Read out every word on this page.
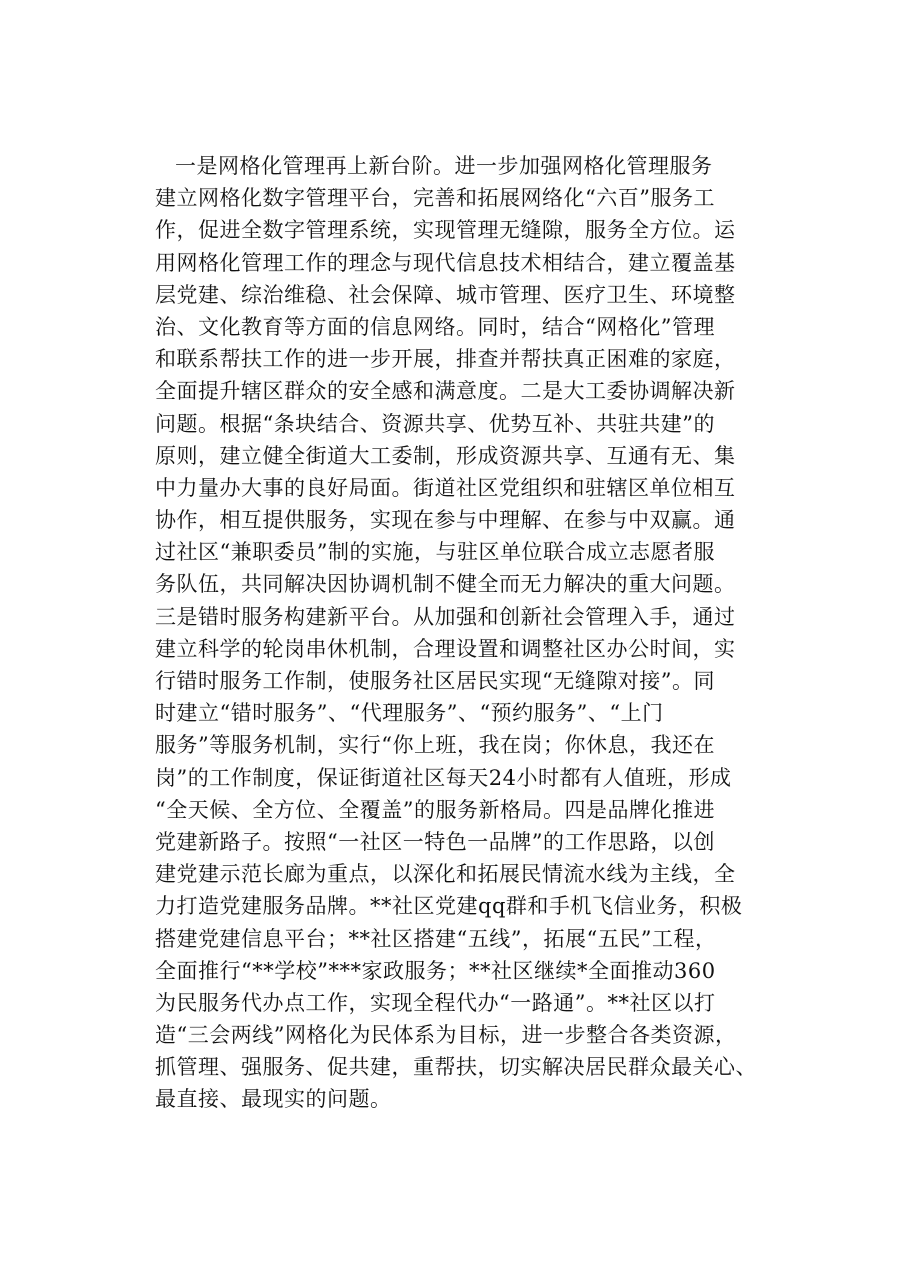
一是网格化管理再上新台阶。进一步加强网格化管理服务
建立网格化数字管理平台，完善和拓展网络化“六百”服务工
作，促进全数字管理系统，实现管理无缝隙，服务全方位。运
用网格化管理工作的理念与现代信息技术相结合，建立覆盖基
层党建、综治维稳、社会保障、城市管理、医疗卫生、环境整
治、文化教育等方面的信息网络。同时，结合“网格化”管理
和联系帮扶工作的进一步开展，排查并帮扶真正困难的家庭，
全面提升辖区群众的安全感和满意度。二是大工委协调解决新
问题。根据“条块结合、资源共享、优势互补、共驻共建”的
原则，建立健全街道大工委制，形成资源共享、互通有无、集
中力量办大事的良好局面。街道社区党组织和驻辖区单位相互
协作，相互提供服务，实现在参与中理解、在参与中双赢。通
过社区“兼职委员”制的实施，与驻区单位联合成立志愿者服
务队伍，共同解决因协调机制不健全而无力解决的重大问题。
三是错时服务构建新平台。从加强和创新社会管理入手，通过
建立科学的轮岗串休机制，合理设置和调整社区办公时间，实
行错时服务工作制，使服务社区居民实现“无缝隙对接”。同
时建立“错时服务”、“代理服务”、“预约服务”、“上门
服务”等服务机制，实行“你上班，我在岗；你休息，我还在
岗”的工作制度，保证街道社区每天24小时都有人值班，形成
“全天候、全方位、全覆盖”的服务新格局。四是品牌化推进
党建新路子。按照“一社区一特色一品牌”的工作思路，以创
建党建示范长廊为重点，以深化和拓展民情流水线为主线，全
力打造党建服务品牌。**社区党建qq群和手机飞信业务，积极
搭建党建信息平台；**社区搭建“五线”，拓展“五民”工程，
全面推行“**学校”***家政服务；**社区继续*全面推动360
为民服务代办点工作，实现全程代办“一路通”。**社区以打
造“三会两线”网格化为民体系为目标，进一步整合各类资源，
抓管理、强服务、促共建，重帮扶，切实解决居民群众最关心、
最直接、最现实的问题。
